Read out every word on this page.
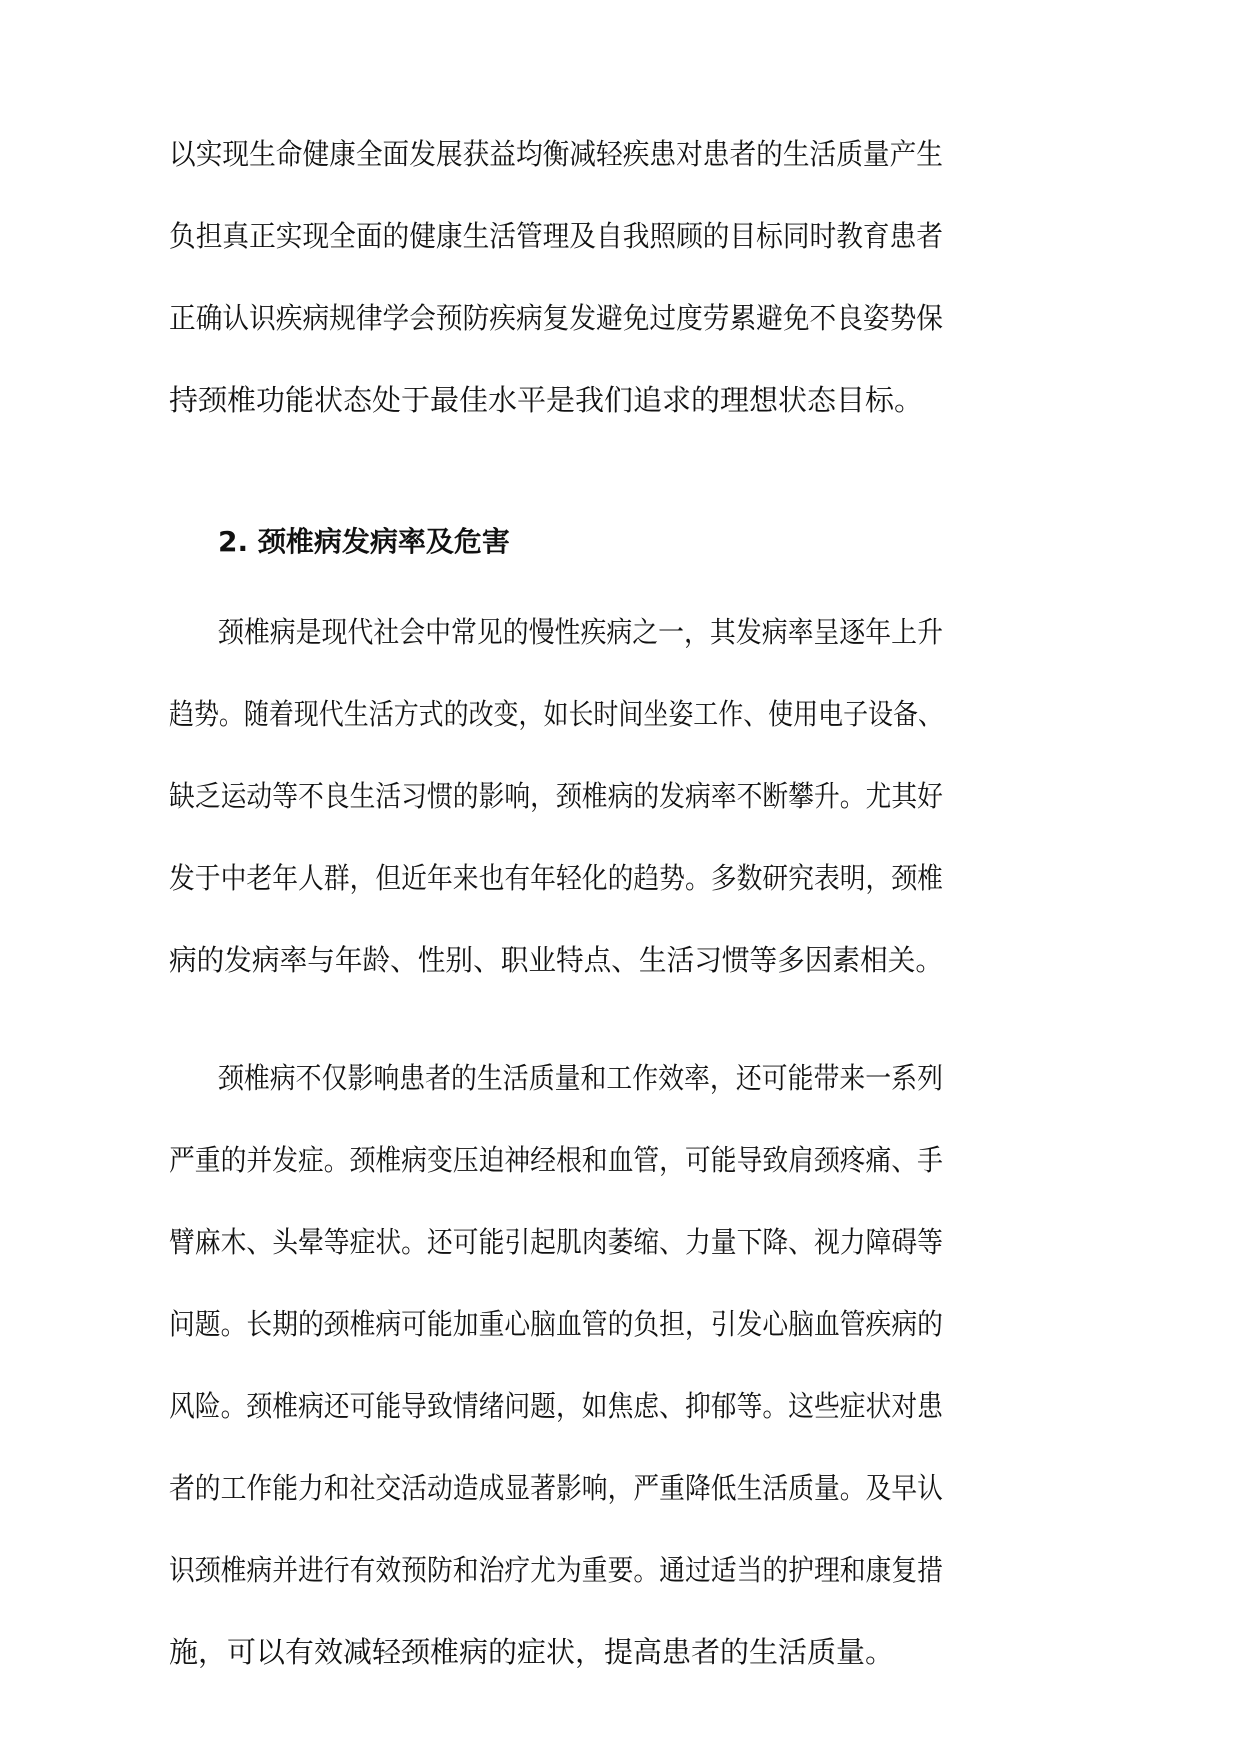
以实现生命健康全面发展获益均衡减轻疾患对患者的生活质量产生
负担真正实现全面的健康生活管理及自我照顾的目标同时教育患者
正确认识疾病规律学会预防疾病复发避免过度劳累避免不良姿势保
持颈椎功能状态处于最佳水平是我们追求的理想状态目标。
2. 颈椎病发病率及危害
颈椎病是现代社会中常见的慢性疾病之一，其发病率呈逐年上升
趋势。随着现代生活方式的改变，如长时间坐姿工作、使用电子设备、
缺乏运动等不良生活习惯的影响，颈椎病的发病率不断攀升。尤其好
发于中老年人群，但近年来也有年轻化的趋势。多数研究表明，颈椎
病的发病率与年龄、性别、职业特点、生活习惯等多因素相关。
颈椎病不仅影响患者的生活质量和工作效率，还可能带来一系列
严重的并发症。颈椎病变压迫神经根和血管，可能导致肩颈疼痛、手
臂麻木、头晕等症状。还可能引起肌肉萎缩、力量下降、视力障碍等
问题。长期的颈椎病可能加重心脑血管的负担，引发心脑血管疾病的
风险。颈椎病还可能导致情绪问题，如焦虑、抑郁等。这些症状对患
者的工作能力和社交活动造成显著影响，严重降低生活质量。及早认
识颈椎病并进行有效预防和治疗尤为重要。通过适当的护理和康复措
施，可以有效减轻颈椎病的症状，提高患者的生活质量。
